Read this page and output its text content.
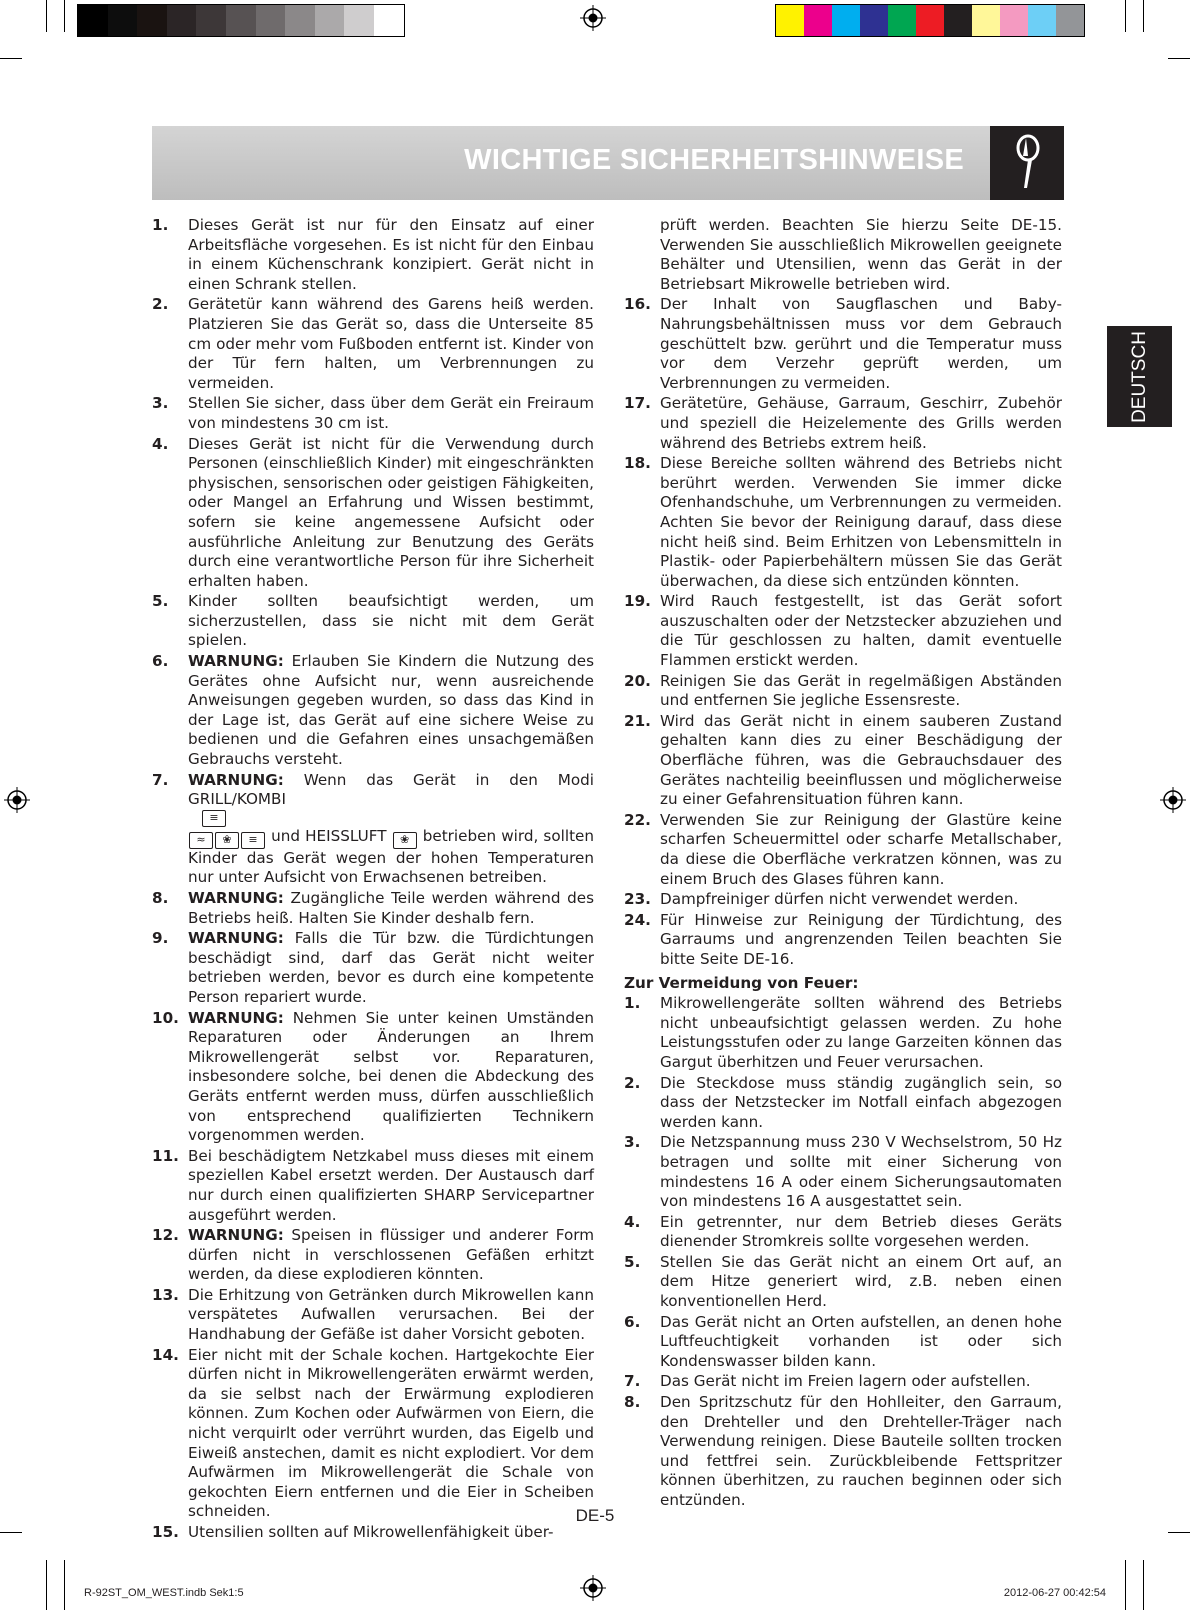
WICHTIGE SICHERHEITSHINWEISE
DEUTSCH
1.	Dieses Gerät ist nur für den Einsatz auf einer Arbeitsfläche vorgesehen. Es ist nicht für den Einbau in einem Küchenschrank konzipiert. Gerät nicht in einen Schrank stellen.
2.	Gerätetür kann während des Garens heiß werden. Platzieren Sie das Gerät so, dass die Unterseite 85 cm oder mehr vom Fußboden entfernt ist. Kinder von der Tür fern halten, um Verbrennungen zu vermeiden.
3.	Stellen Sie sicher, dass über dem Gerät ein Freiraum von mindestens 30 cm ist.
4.	Dieses Gerät ist nicht für die Verwendung durch Personen (einschließlich Kinder) mit eingeschränkten physischen, sensorischen oder geistigen Fähigkeiten, oder Mangel an Erfahrung und Wissen bestimmt, sofern sie keine angemessene Aufsicht oder ausführliche Anleitung zur Benutzung des Geräts durch eine verantwortliche Person für ihre Sicherheit erhalten haben.
5.	Kinder sollten beaufsichtigt werden, um sicherzustellen, dass sie nicht mit dem Gerät spielen.
6.	WARNUNG: Erlauben Sie Kindern die Nutzung des Gerätes ohne Aufsicht nur, wenn ausreichende Anweisungen gegeben wurden, so dass das Kind in der Lage ist, das Gerät auf eine sichere Weise zu bedienen und die Gefahren eines unsachgemäßen Gebrauchs versteht.
7.	WARNUNG: Wenn das Gerät in den Modi GRILL/KOMBI
≡
≈ ❀ ≡ und HEISSLUFT ❀ betrieben wird, sollten Kinder das Gerät wegen der hohen Temperaturen nur unter Aufsicht von Erwachsenen betreiben.
8.	WARNUNG: Zugängliche Teile werden während des Betriebs heiß. Halten Sie Kinder deshalb fern.
9.	WARNUNG: Falls die Tür bzw. die Türdichtungen beschädigt sind, darf das Gerät nicht weiter betrieben werden, bevor es durch eine kompetente Person repariert wurde.
10. WARNUNG: Nehmen Sie unter keinen Umständen Reparaturen oder Änderungen an Ihrem Mikrowellengerät selbst vor. Reparaturen, insbesondere solche, bei denen die Abdeckung des Geräts entfernt werden muss, dürfen ausschließlich von entsprechend qualifizierten Technikern vorgenommen werden.
11. Bei beschädigtem Netzkabel muss dieses mit einem speziellen Kabel ersetzt werden. Der Austausch darf nur durch einen qualifizierten SHARP Servicepartner ausgeführt werden.
12. WARNUNG: Speisen in flüssiger und anderer Form dürfen nicht in verschlossenen Gefäßen erhitzt werden, da diese explodieren könnten.
13. Die Erhitzung von Getränken durch Mikrowellen kann verspätetes Aufwallen verursachen. Bei der Handhabung der Gefäße ist daher Vorsicht geboten.
14. Eier nicht mit der Schale kochen. Hartgekochte Eier dürfen nicht in Mikrowellengeräten erwärmt werden, da sie selbst nach der Erwärmung explodieren können. Zum Kochen oder Aufwärmen von Eiern, die nicht verquirlt oder verrührt wurden, das Eigelb und Eiweiß anstechen, damit es nicht explodiert. Vor dem Aufwärmen im Mikrowellengerät die Schale von gekochten Eiern entfernen und die Eier in Scheiben schneiden.
15. Utensilien sollten auf Mikrowellenfähigkeit über-
prüft werden. Beachten Sie hierzu Seite DE-15. Verwenden Sie ausschließlich Mikrowellen geeignete Behälter und Utensilien, wenn das Gerät in der Betriebsart Mikrowelle betrieben wird.
16. Der Inhalt von Saugflaschen und Baby-Nahrungsbehältnissen muss vor dem Gebrauch geschüttelt bzw. gerührt und die Temperatur muss vor dem Verzehr geprüft werden, um Verbrennungen zu vermeiden.
17. Gerätetüre, Gehäuse, Garraum, Geschirr, Zubehör und speziell die Heizelemente des Grills werden während des Betriebs extrem heiß.
18. Diese Bereiche sollten während des Betriebs nicht berührt werden. Verwenden Sie immer dicke Ofenhandschuhe, um Verbrennungen zu vermeiden. Achten Sie bevor der Reinigung darauf, dass diese nicht heiß sind. Beim Erhitzen von Lebensmitteln in Plastik- oder Papierbehältern müssen Sie das Gerät überwachen, da diese sich entzünden könnten.
19. Wird Rauch festgestellt, ist das Gerät sofort auszuschalten oder der Netzstecker abzuziehen und die Tür geschlossen zu halten, damit eventuelle Flammen erstickt werden.
20. Reinigen Sie das Gerät in regelmäßigen Abständen und entfernen Sie jegliche Essensreste.
21. Wird das Gerät nicht in einem sauberen Zustand gehalten kann dies zu einer Beschädigung der Oberfläche führen, was die Gebrauchsdauer des Gerätes nachteilig beeinflussen und möglicherweise zu einer Gefahrensituation führen kann.
22. Verwenden Sie zur Reinigung der Glastüre keine scharfen Scheuermittel oder scharfe Metallschaber, da diese die Oberfläche verkratzen können, was zu einem Bruch des Glases führen kann.
23. Dampfreiniger dürfen nicht verwendet werden.
24. Für Hinweise zur Reinigung der Türdichtung, des Garraums und angrenzenden Teilen beachten Sie bitte Seite DE-16.
Zur Vermeidung von Feuer:
1.	Mikrowellengeräte sollten während des Betriebs nicht unbeaufsichtigt gelassen werden. Zu hohe Leistungsstufen oder zu lange Garzeiten können das Gargut überhitzen und Feuer verursachen.
2.	Die Steckdose muss ständig zugänglich sein, so dass der Netzstecker im Notfall einfach abgezogen werden kann.
3.	Die Netzspannung muss 230 V Wechselstrom, 50 Hz betragen und sollte mit einer Sicherung von mindestens 16 A oder einem Sicherungsautomaten von mindestens 16 A ausgestattet sein.
4.	Ein getrennter, nur dem Betrieb dieses Geräts dienender Stromkreis sollte vorgesehen werden.
5.	Stellen Sie das Gerät nicht an einem Ort auf, an dem Hitze generiert wird, z.B. neben einen konventionellen Herd.
6.	Das Gerät nicht an Orten aufstellen, an denen hohe Luftfeuchtigkeit vorhanden ist oder sich Kondenswasser bilden kann.
7.	Das Gerät nicht im Freien lagern oder aufstellen.
8.	Den Spritzschutz für den Hohlleiter, den Garraum, den Drehteller und den Drehteller-Träger nach Verwendung reinigen. Diese Bauteile sollten trocken und fettfrei sein. Zurückbleibende Fettspritzer können überhitzen, zu rauchen beginnen oder sich entzünden.
DE-5
R-92ST_OM_WEST.indb Sek1:5	2012-06-27 00:42:54
